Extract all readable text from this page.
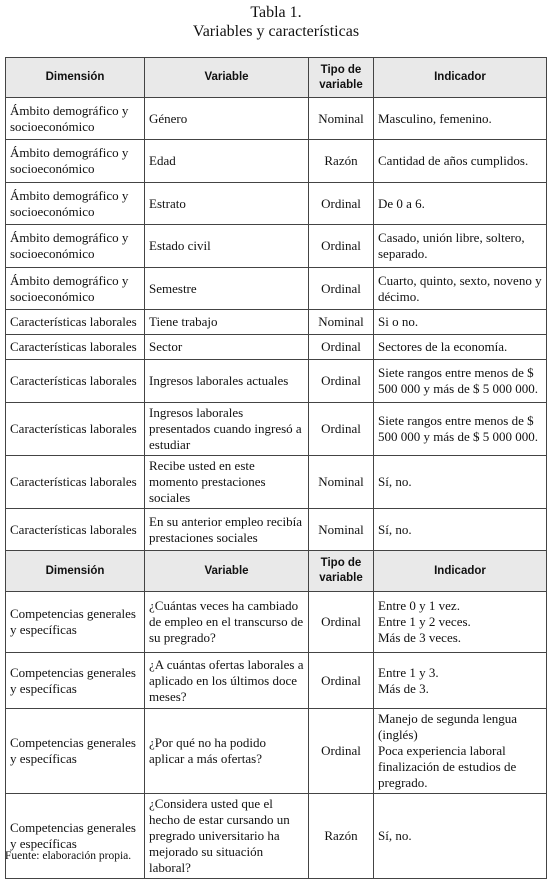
Tabla 1.
Variables y características
Dimensión	Variable	Tipo de variable	Indicador
Ámbito demográfico y socioeconómico	Género	Nominal	Masculino, femenino.
Ámbito demográfico y socioeconómico	Edad	Razón	Cantidad de años cumplidos.
Ámbito demográfico y socioeconómico	Estrato	Ordinal	De 0 a 6.
Ámbito demográfico y socioeconómico	Estado civil	Ordinal	Casado, unión libre, soltero, separado.
Ámbito demográfico y socioeconómico	Semestre	Ordinal	Cuarto, quinto, sexto, noveno y décimo.
Características laborales	Tiene trabajo	Nominal	Si o no.
Características laborales	Sector	Ordinal	Sectores de la economía.
Características laborales	Ingresos laborales actuales	Ordinal	Siete rangos entre menos de $ 500 000 y más de $ 5 000 000.
Características laborales	Ingresos laborales presentados cuando ingresó a estudiar	Ordinal	Siete rangos entre menos de $ 500 000 y más de $ 5 000 000.
Características laborales	Recibe usted en este momento prestaciones sociales	Nominal	Sí, no.
Características laborales	En su anterior empleo recibía prestaciones sociales	Nominal	Sí, no.
Dimensión	Variable	Tipo de variable	Indicador
Competencias generales y específicas	¿Cuántas veces ha cambiado de empleo en el transcurso de su pregrado?	Ordinal	Entre 0 y 1 vez.
Entre 1 y 2 veces.
Más de 3 veces.

Competencias generales y específicas	¿A cuántas ofertas laborales a aplicado en los últimos doce meses?	Ordinal	Entre 1 y 3.
Más de 3.

Competencias generales y específicas	¿Por qué no ha podido aplicar a más ofertas?	Ordinal	Manejo de segunda lengua (inglés)
Poca experiencia laboral finalización de estudios de pregrado.

Competencias generales y específicas	¿Considera usted que el hecho de estar cursando un pregrado universitario ha mejorado su situación laboral?	Razón	Sí, no.
Fuente: elaboración propia.
